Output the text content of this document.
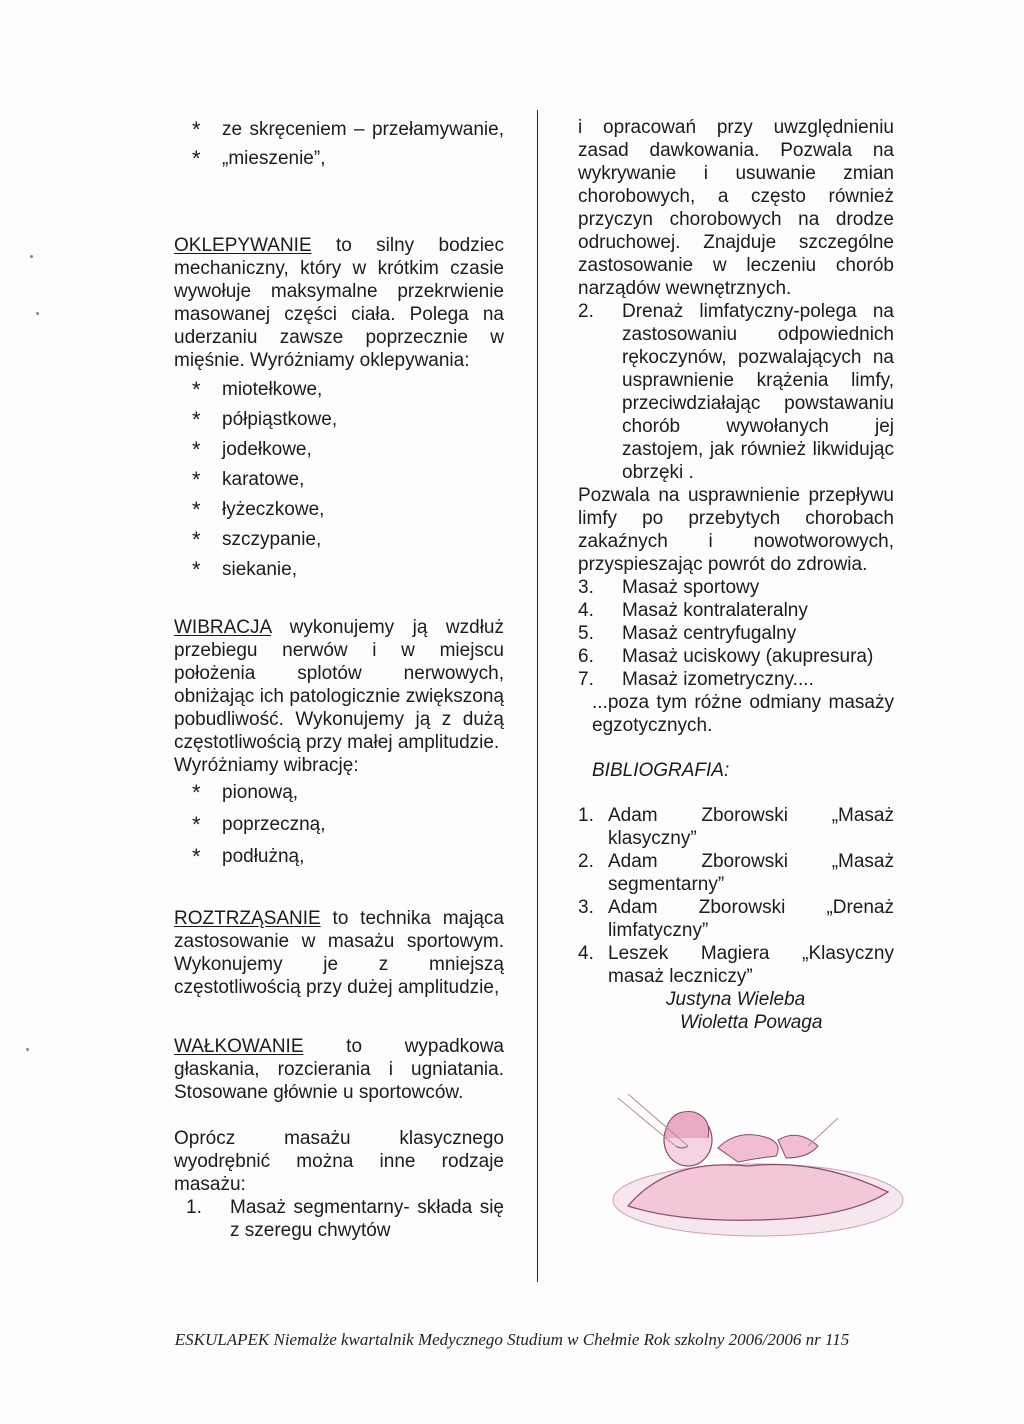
* ze skręceniem – przełamywanie,
* „mieszenie”,

OKLEPYWANIE to silny bodziec mechaniczny, który w krótkim czasie wywołuje maksymalne przekrwienie masowanej części ciała. Polega na uderzaniu zawsze poprzecznie w mięśnie. Wyróżniamy oklepywania:

* miotełkowe,
* półpiąstkowe,
* jodełkowe,
* karatowe,
* łyżeczkowe,
* szczypanie,
* siekanie,

WIBRACJA wykonujemy ją wzdłuż przebiegu nerwów i w miejscu położenia splotów nerwowych, obniżając ich patologicznie zwiększoną pobudliwość. Wykonujemy ją z dużą częstotliwością przy małej amplitudzie.

Wyróżniamy wibrację:

* pionową,
* poprzeczną,
* podłużną,

ROZTRZĄSANIE to technika mająca zastosowanie w masażu sportowym. Wykonujemy je z mniejszą częstotliwością przy dużej amplitudzie,

WAŁKOWANIE to wypadkowa głaskania, rozcierania i ugniatania. Stosowane głównie u sportowców.

Oprócz masażu klasycznego wyodrębnić można inne rodzaje masażu:

1.	Masaż segmentarny- składa się z szeregu chwytów

i opracowań przy uwzględnieniu zasad dawkowania. Pozwala na wykrywanie i usuwanie zmian chorobowych, a często również przyczyn chorobowych na drodze odruchowej. Znajduje szczególne zastosowanie w leczeniu chorób narządów wewnętrznych.

2.	Drenaż limfatyczny-polega na zastosowaniu odpowiednich rękoczynów, pozwalających na usprawnienie krążenia limfy, przeciwdziałając powstawaniu chorób wywołanych jej zastojem, jak również likwidując obrzęki .

Pozwala na usprawnienie przepływu limfy po przebytych chorobach zakaźnych i nowotworowych, przyspieszając powrót do zdrowia.

3.	Masaż sportowy
4.	Masaż kontralateralny
5.	Masaż centryfugalny
6.	Masaż uciskowy (akupresura)
7.	Masaż izometryczny....

...poza tym różne odmiany masaży egzotycznych.

BIBLIOGRAFIA:

1. Adam Zborowski „Masaż klasyczny”
2. Adam Zborowski „Masaż segmentarny”
3. Adam Zborowski „Drenaż limfatyczny”
4. Leszek Magiera „Klasyczny masaż leczniczy”

Justyna Wieleba

Wioletta Powaga

ESKULAPEK Niemalże kwartalnik Medycznego Studium w Chełmie Rok szkolny 2006/2006 nr 115
